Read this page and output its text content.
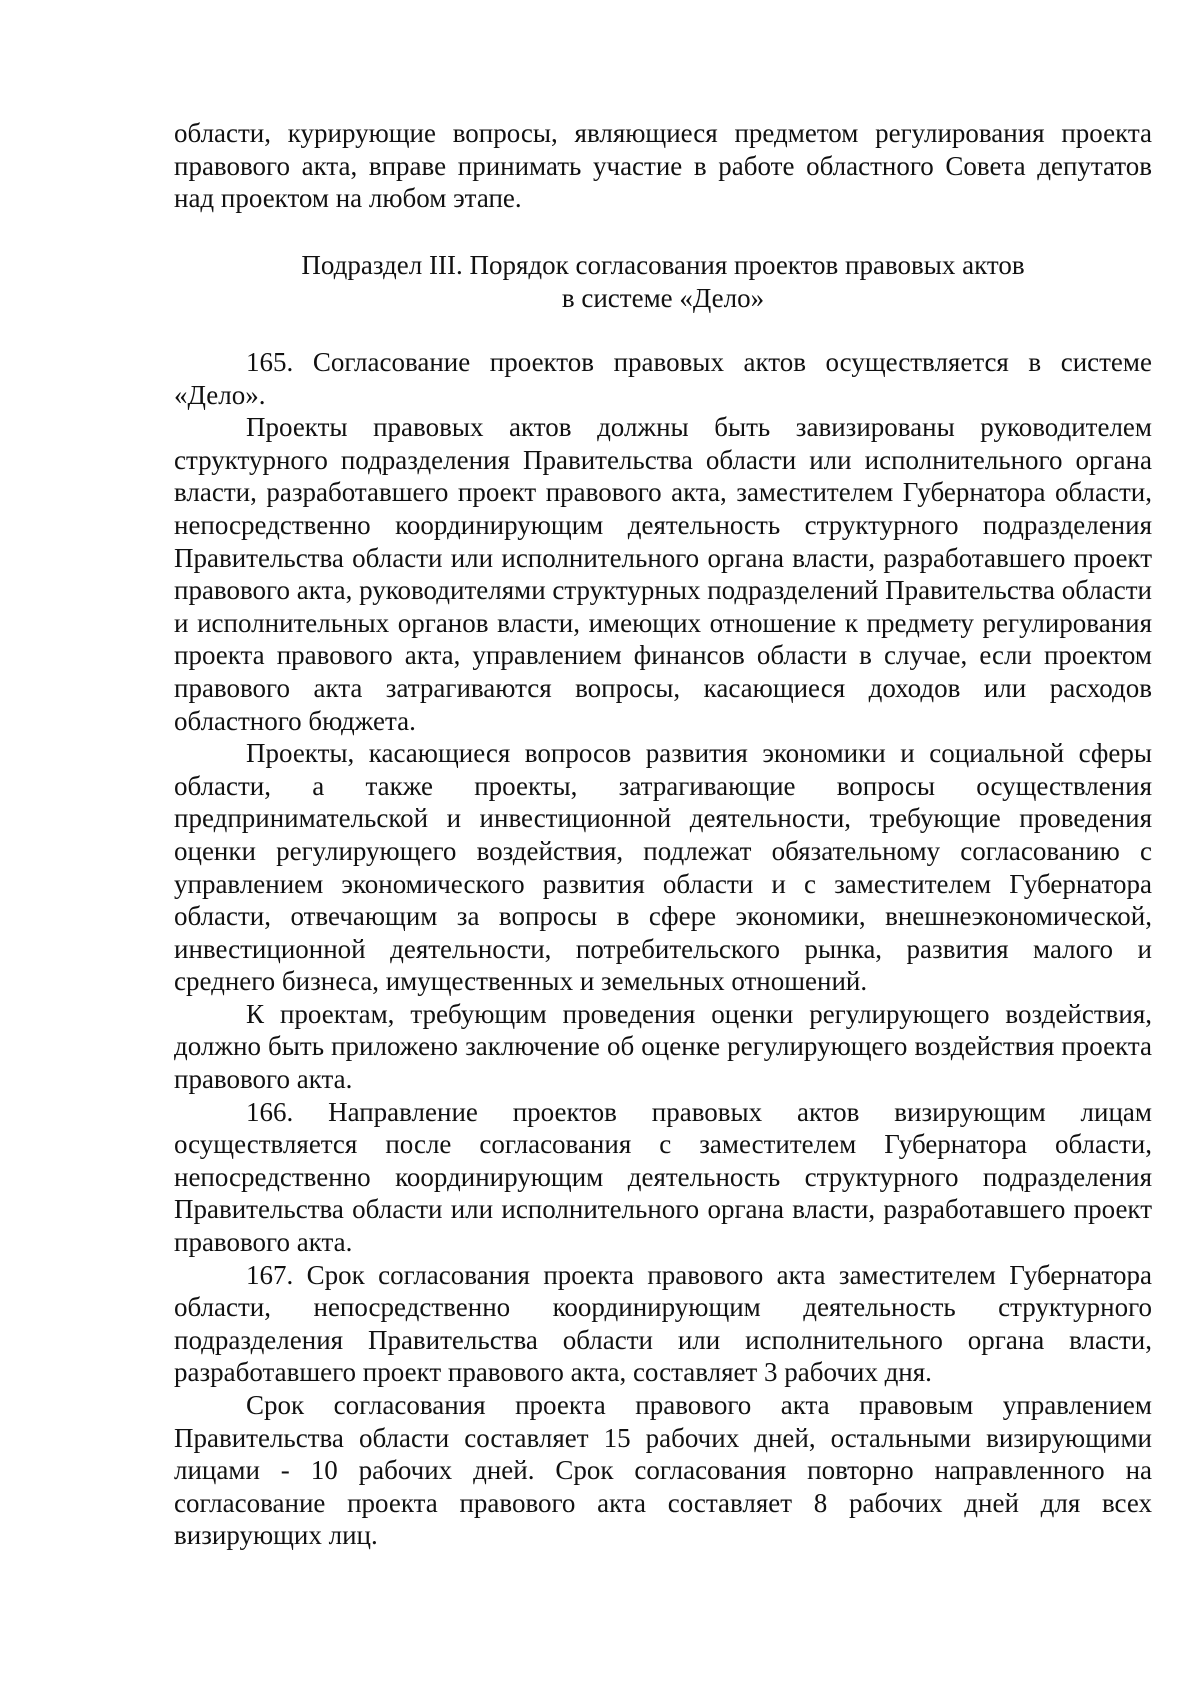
области, курирующие вопросы, являющиеся предметом регулирования проекта правового акта, вправе принимать участие в работе областного Совета депутатов над проектом на любом этапе.

Подраздел III. Порядок согласования проектов правовых актов
в системе «Дело»

165. Согласование проектов правовых актов осуществляется в системе «Дело».

Проекты правовых актов должны быть завизированы руководителем структурного подразделения Правительства области или исполнительного органа власти, разработавшего проект правового акта, заместителем Губернатора области, непосредственно координирующим деятельность структурного подразделения Правительства области или исполнительного органа власти, разработавшего проект правового акта, руководителями структурных подразделений Правительства области и исполнительных органов власти, имеющих отношение к предмету регулирования проекта правового акта, управлением финансов области в случае, если проектом правового акта затрагиваются вопросы, касающиеся доходов или расходов областного бюджета.

Проекты, касающиеся вопросов развития экономики и социальной сферы области, а также проекты, затрагивающие вопросы осуществления предпринимательской и инвестиционной деятельности, требующие проведения оценки регулирующего воздействия, подлежат обязательному согласованию с управлением экономического развития области и с заместителем Губернатора области, отвечающим за вопросы в сфере экономики, внешнеэкономической, инвестиционной деятельности, потребительского рынка, развития малого и среднего бизнеса, имущественных и земельных отношений.

К проектам, требующим проведения оценки регулирующего воздействия, должно быть приложено заключение об оценке регулирующего воздействия проекта правового акта.

166. Направление проектов правовых актов визирующим лицам осуществляется после согласования с заместителем Губернатора области, непосредственно координирующим деятельность структурного подразделения Правительства области или исполнительного органа власти, разработавшего проект правового акта.

167. Срок согласования проекта правового акта заместителем Губернатора области, непосредственно координирующим деятельность структурного подразделения Правительства области или исполнительного органа власти, разработавшего проект правового акта, составляет 3 рабочих дня.

Срок согласования проекта правового акта правовым управлением Правительства области составляет 15 рабочих дней, остальными визирующими лицами - 10 рабочих дней. Срок согласования повторно направленного на согласование проекта правового акта составляет 8 рабочих дней для всех визирующих лиц.
